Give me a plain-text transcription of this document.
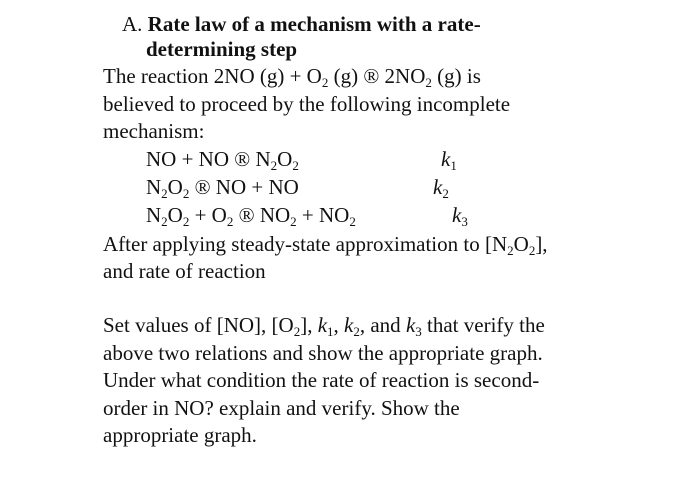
A. Rate law of a mechanism with a rate-
determining step
The reaction 2NO $(g) + O_2$ (g) ® $2NO_2$ (g) is
believed to proceed by the following incomplete
mechanism:
NO + NO ® $N_2O_2$	$k_1$
$N_2O_2$ ® NO + NO	$k_2$
$N_2O_2 + O_2$ ® $NO_2 + NO_2$	$k_3$
After applying steady-state approximation to $[N_2O_2]$,
and rate of reaction
Set values of [NO], $[O_2]$, $k_1$, $k_2$, and $k_3$ that verify the
above two relations and show the appropriate graph.
Under what condition the rate of reaction is second-
order in NO? explain and verify. Show the
appropriate graph.
